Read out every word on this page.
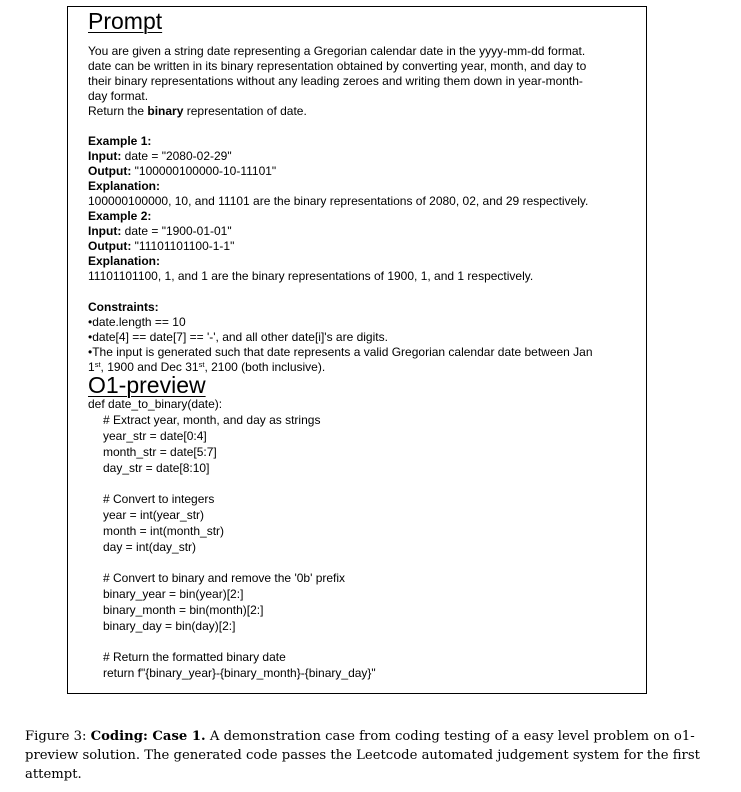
Prompt
You are given a string date representing a Gregorian calendar date in the yyyy-mm-dd format.
date can be written in its binary representation obtained by converting year, month, and day to
their binary representations without any leading zeroes and writing them down in year-month-
day format.
Return the binary representation of date.
Example 1:
Input: date = "2080-02-29"
Output: "100000100000-10-11101"
Explanation:
100000100000, 10, and 11101 are the binary representations of 2080, 02, and 29 respectively.
Example 2:
Input: date = "1900-01-01"
Output: "11101101100-1-1"
Explanation:
11101101100, 1, and 1 are the binary representations of 1900, 1, and 1 respectively.
Constraints:
•date.length == 10
•date[4] == date[7] == '-', and all other date[i]'s are digits.
•The input is generated such that date represents a valid Gregorian calendar date between Jan
1st, 1900 and Dec 31st, 2100 (both inclusive).
O1-preview
def date_to_binary(date):
# Extract year, month, and day as strings
year_str = date[0:4]
month_str = date[5:7]
day_str = date[8:10]
# Convert to integers
year = int(year_str)
month = int(month_str)
day = int(day_str)
# Convert to binary and remove the '0b' prefix
binary_year = bin(year)[2:]
binary_month = bin(month)[2:]
binary_day = bin(day)[2:]
# Return the formatted binary date
return f"{binary_year}-{binary_month}-{binary_day}"
Figure 3: Coding: Case 1. A demonstration case from coding testing of a easy level problem on o1-preview solution. The generated code passes the Leetcode automated judgement system for the first attempt.
